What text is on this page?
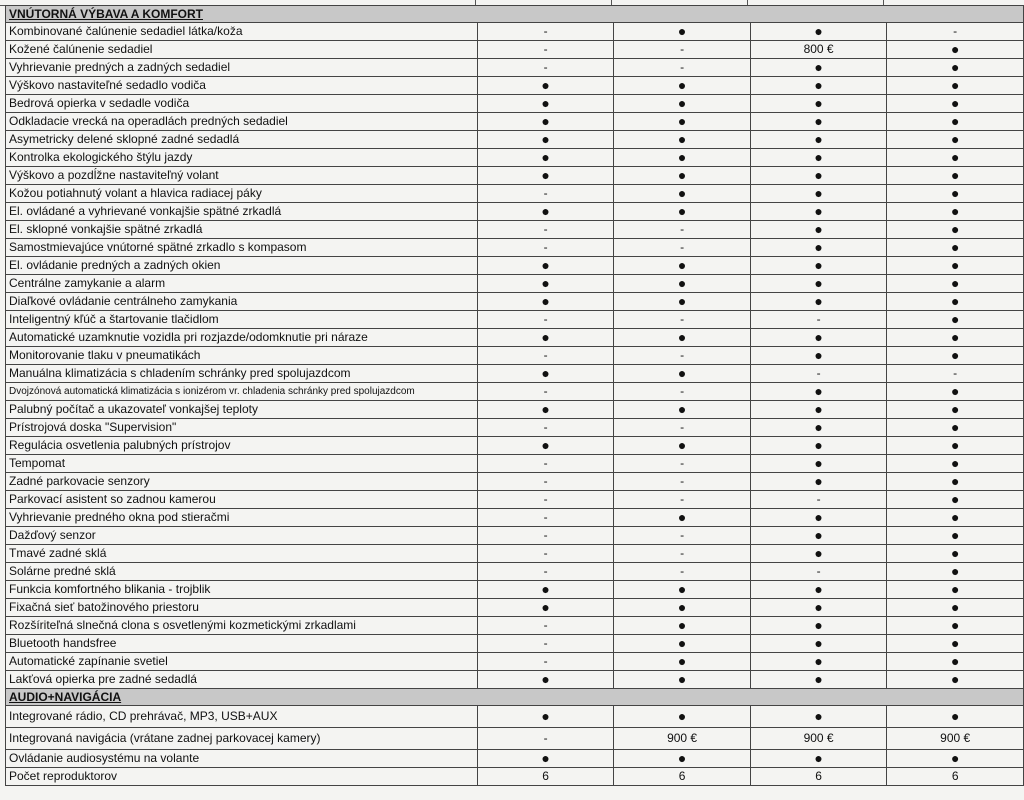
VNÚTORNÁ VÝBAVA A KOMFORT				
Kombinované čalúnenie sedadiel látka/koža	-	●	●	-
Kožené čalúnenie sedadiel	-	-	800 €	●
Vyhrievanie predných a zadných sedadiel	-	-	●	●
Výškovo nastaviteľné sedadlo vodiča	●	●	●	●
Bedrová opierka v sedadle vodiča	●	●	●	●
Odkladacie vrecká na operadlách predných sedadiel	●	●	●	●
Asymetricky delené sklopné zadné sedadlá	●	●	●	●
Kontrolka ekologického štýlu jazdy	●	●	●	●
Výškovo a pozdĺžne nastaviteľný volant	●	●	●	●
Kožou potiahnutý volant a hlavica radiacej páky	-	●	●	●
El. ovládané a vyhrievané vonkajšie spätné zrkadlá	●	●	●	●
El. sklopné vonkajšie spätné zrkadlá	-	-	●	●
Samostmievajúce vnútorné spätné zrkadlo s kompasom	-	-	●	●
El. ovládanie predných a zadných okien	●	●	●	●
Centrálne zamykanie a alarm	●	●	●	●
Diaľkové ovládanie centrálneho zamykania	●	●	●	●
Inteligentný kľúč a štartovanie tlačidlom	-	-	-	●
Automatické uzamknutie vozidla pri rozjazde/odomknutie pri náraze	●	●	●	●
Monitorovanie tlaku v pneumatikách	-	-	●	●
Manuálna klimatizácia s chladením schránky pred spolujazdcom	●	●	-	-
Dvojzónová automatická klimatizácia s ionizérom vr. chladenia schránky pred spolujazdcom	-	-	●	●
Palubný počítač a ukazovateľ vonkajšej teploty	●	●	●	●
Prístrojová doska "Supervision"	-	-	●	●
Regulácia osvetlenia palubných prístrojov	●	●	●	●
Tempomat	-	-	●	●
Zadné parkovacie senzory	-	-	●	●
Parkovací asistent so zadnou kamerou	-	-	-	●
Vyhrievanie predného okna pod stieračmi	-	●	●	●
Dažďový senzor	-	-	●	●
Tmavé zadné sklá	-	-	●	●
Solárne predné sklá	-	-	-	●
Funkcia komfortného blikania - trojblik	●	●	●	●
Fixačná sieť batožinového priestoru	●	●	●	●
Rozšíriteľná slnečná clona s osvetlenými kozmetickými zrkadlami	-	●	●	●
Bluetooth handsfree	-	●	●	●
Automatické zapínanie svetiel	-	●	●	●
Lakťová opierka pre zadné sedadlá	●	●	●	●
AUDIO+NAVIGÁCIA				
Integrované rádio, CD prehrávač, MP3, USB+AUX	●	●	●	●
Integrovaná navigácia (vrátane zadnej parkovacej kamery)	-	900 €	900 €	900 €
Ovládanie audiosystému na volante	●	●	●	●
Počet reproduktorov	6	6	6	6
